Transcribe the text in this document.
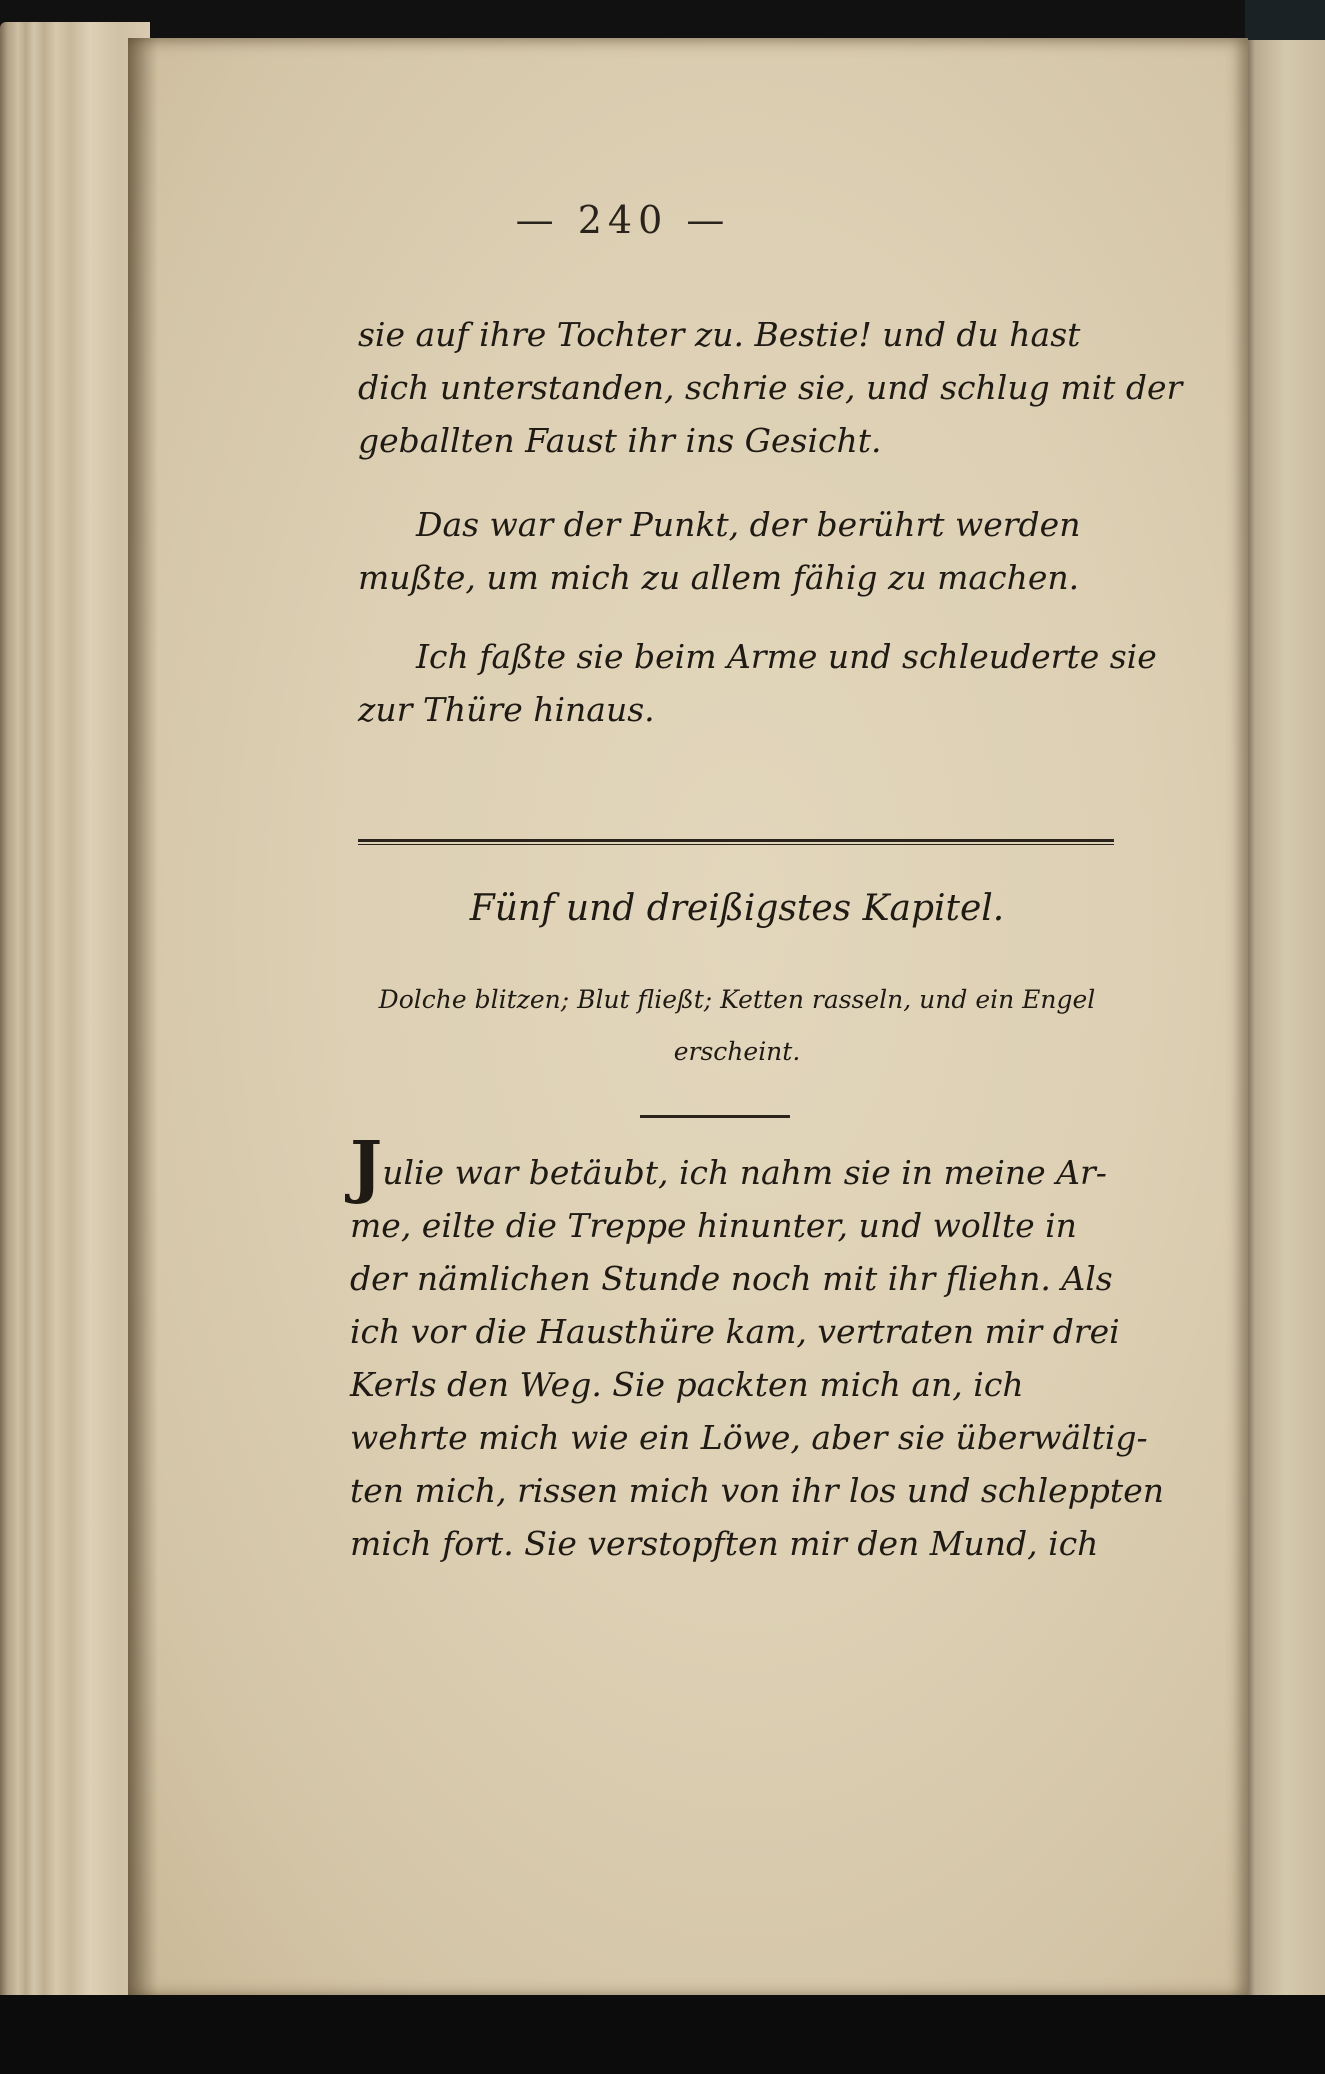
— 240 —

sie auf ihre Tochter zu. Bestie! und du hast
dich unterstanden, schrie sie, und schlug mit der
geballten Faust ihr ins Gesicht.

Das war der Punkt, der berührt werden
mußte, um mich zu allem fähig zu machen.

Ich faßte sie beim Arme und schleuderte sie
zur Thüre hinaus.

Fünf und dreißigstes Kapitel.
Dolche blitzen; Blut fließt; Ketten rasseln, und ein Engel
erscheint.

Julie war betäubt, ich nahm sie in meine Ar-
me, eilte die Treppe hinunter, und wollte in
der nämlichen Stunde noch mit ihr fliehn. Als
ich vor die Hausthüre kam, vertraten mir drei
Kerls den Weg. Sie packten mich an, ich
wehrte mich wie ein Löwe, aber sie überwältig-
ten mich, rissen mich von ihr los und schleppten
mich fort. Sie verstopften mir den Mund, ich
